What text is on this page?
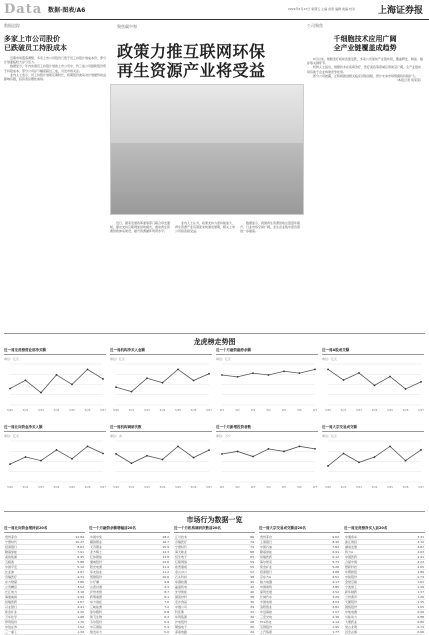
Data 数据·图表/A6	2022年5月27日 星期五 主编 首席 编辑 美编 校对	上海证券报
数据追踪
多家上市公司股价
已跌破员工持股成本

近期市场震荡调整，多家上市公司股价已低于员工持股计划成本价，部分计划面临较大浮亏压力。

数据显示，年内实施员工持股计划的上市公司中，约三成公司最新股价低于持股成本，部分公司浮亏幅度超过三成，引发市场关注。

业内人士表示，员工持股计划锁定期较长，短期股价波动对计划最终收益影响有限，投资者宜理性看待。

聚焦碳中和
政策力推互联网环保
再生资源产业将受益

近日，国家发展改革委等部门联合印发通知，提出支持互联网加回收模式，推动再生资源回收体系建设，提升资源循环利用水平。

业内人士认为，政策支持力度持续加大，再生资源产业有望迎来快速发展期，相关上市公司将直接受益。

数据显示，我国再生资源回收总量逐年提升，行业市场空间广阔，龙头企业集中度有望进一步提高。

公司聚焦
千细胞技术应用广阔
全产业链覆盖成趋势

5月以来，细胞治疗板块表现活跃，多家公司加快产业链布局，覆盖研发、制备、储存等关键环节。

机构人士指出，细胞技术在疾病治疗、医疗美容等领域应用前景广阔，全产业链布局有助于企业构建竞争优势。

部分公司披露，正积极推进相关临床试验进程，预计未来市场规模将持续扩大。

（本报记者 何某某）

龙虎榜走势图
近一周龙虎榜营业部净买额
单位：亿元
5/20	5/21	5/23	5/24	5/25	5/26	5/27
近一周机构净买入金额
单位：亿元
5/20	5/21	5/23	5/24	5/25	5/26	5/27
近一个月融资融券余额
单位：亿元
W1	W2	W3	W4	W5	W6	W7
近一周A股成交额
单位：亿元
5/20	5/21	5/23	5/24	5/25	5/26	5/27
近一周北向资金净买入额
单位：亿元
5/20	5/21	5/23	5/24	5/25	5/26	5/27
近一周机构调研次数
单位：次
5/20	5/21	5/23	5/24	5/25	5/26	5/27
近一个月新增投资者数
单位：万户
W1	W2	W3	W4	W5	W6	W7
近一周大宗交易成交额
单位：亿元
5/20	5/21	5/23	5/24	5/25	5/26	5/27
市场行为数据一览
近一周北向资金增持前20名
贵州茅台	12.84
宁德时代	10.27
招商银行	8.63
隆基绿能	7.91
美的集团	6.45
五粮液	5.88
中国平安	5.12
比亚迪	4.97
迈瑞医疗	4.31
东方财富	3.86
立讯精密	3.52
长江电力	3.18
海康威视	2.94
恒瑞医药	2.67
兴业银行	2.41
紫金矿业	2.20
万华化学	1.98
伊利股份	1.76
中信证券	1.52
三一重工	1.34
近一个月融资余额增幅前20名
中国中免	18.2
赣锋锂业	16.7
天齐锂业	15.9
北方稀土	14.3
亿纬锂能	13.8
通威股份	12.6
阳光电源	11.9
华友钴业	11.2
恩捷股份	10.6
片仔癀	9.8
山西汾酒	9.3
泸州老窖	8.7
药明康德	8.1
东方雨虹	7.6
三峡能源	7.2
爱尔眼科	6.8
智飞生物	6.3
韦尔股份	5.9
中芯国际	5.4
航发动力	5.0
近一个月机构调研次数前20名
汇川技术	86
迈瑞医疗	79
宁德时代	74
海天味业	68
恒生电子	63
亿联网络	59
欧普康视	55
金山办公	52
石头科技	48
华测检测	45
晶盛机电	43
先导智能	40
国瓷材料	38
安井食品	36
中微公司	34
科沃斯	32
华利集团	30
沪电股份	28
顺络电子	26
深南电路	24
近一周大宗交易成交额前20名
贵州茅台	9.62
工商银行	8.45
中国石油	7.83
隆基绿能	6.91
恒瑞医药	6.12
海尔智家	5.74
紫金矿业	5.26
招商银行	4.88
京东方A	4.51
格力电器	4.17
中国建筑	3.85
保利发展	3.52
长城汽车	3.29
中国电建	3.03
洛阳钼业	2.81
中远海控	2.57
三安光电	2.36
TCL科技	2.14
宝钢股份	1.95
上汽集团	1.77
近一周龙虎榜净买入前20名
中通客车	3.41
浙江建投	3.12
湖南发展	2.87
特力A	2.63
中国医药	2.41
合富中国	2.22
德新科技	2.05
华塑控股	1.89
中锐股份	1.74
金财互联	1.61
宁波建工	1.49
新华制药	1.37
兰州黄河	1.26
天鹅股份	1.15
国统股份	1.05
中航电测	0.96
川能动力	0.88
大理药业	0.80
常山北明	0.73
延安必康	0.66
